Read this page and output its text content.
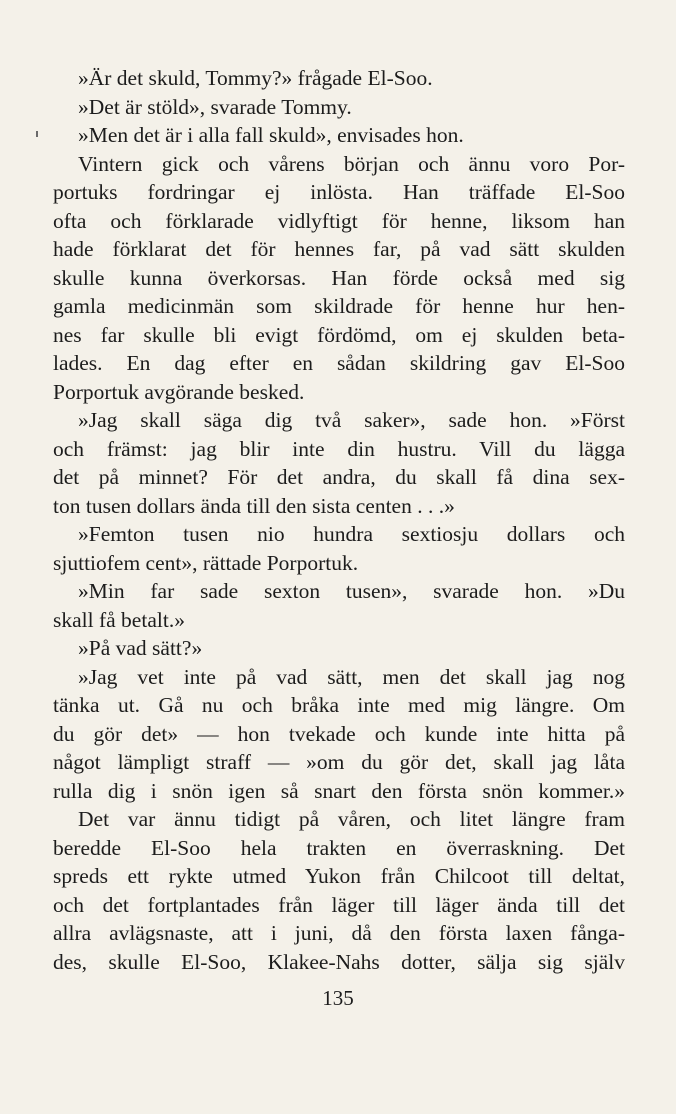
»Är det skuld, Tommy?» frågade El-Soo.
»Det är stöld», svarade Tommy.
»Men det är i alla fall skuld», envisades hon.
Vintern gick och vårens början och ännu voro Por-
portuks fordringar ej inlösta. Han träffade El-Soo
ofta och förklarade vidlyftigt för henne, liksom han
hade förklarat det för hennes far, på vad sätt skulden
skulle kunna överkorsas. Han förde också med sig
gamla medicinmän som skildrade för henne hur hen-
nes far skulle bli evigt fördömd, om ej skulden beta-
lades. En dag efter en sådan skildring gav El-Soo
Porportuk avgörande besked.
»Jag skall säga dig två saker», sade hon. »Först
och främst: jag blir inte din hustru. Vill du lägga
det på minnet? För det andra, du skall få dina sex-
ton tusen dollars ända till den sista centen . . .»
»Femton tusen nio hundra sextiosju dollars och
sjuttiofem cent», rättade Porportuk.
»Min far sade sexton tusen», svarade hon. »Du
skall få betalt.»
»På vad sätt?»
»Jag vet inte på vad sätt, men det skall jag nog
tänka ut. Gå nu och bråka inte med mig längre. Om
du gör det» — hon tvekade och kunde inte hitta på
något lämpligt straff — »om du gör det, skall jag låta
rulla dig i snön igen så snart den första snön kommer.»
Det var ännu tidigt på våren, och litet längre fram
beredde El-Soo hela trakten en överraskning. Det
spreds ett rykte utmed Yukon från Chilcoot till deltat,
och det fortplantades från läger till läger ända till det
allra avlägsnaste, att i juni, då den första laxen fånga-
des, skulle El-Soo, Klakee-Nahs dotter, sälja sig själv
135
